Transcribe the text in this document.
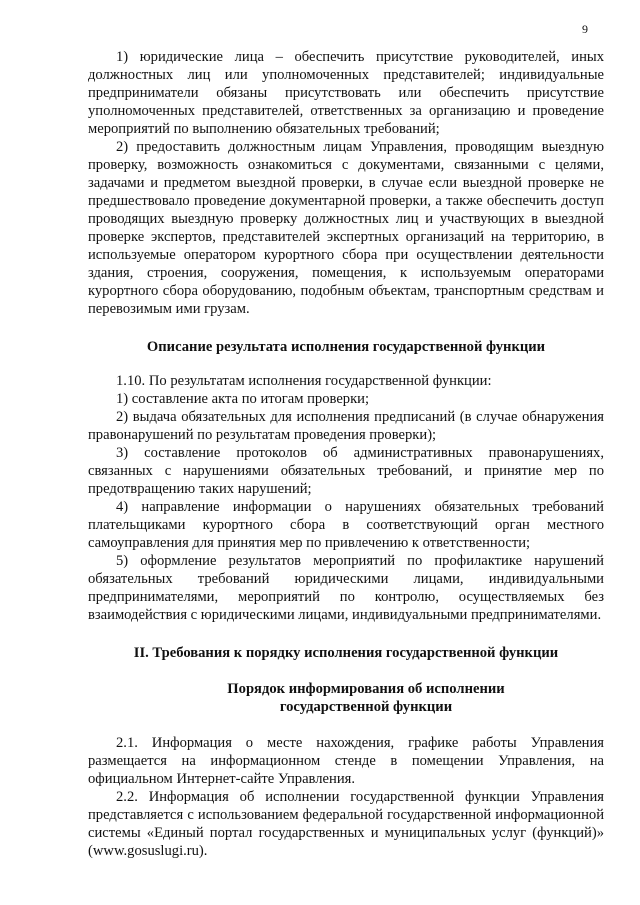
9

1) юридические лица – обеспечить присутствие руководителей, иных должностных лиц или уполномоченных представителей; индивидуальные предприниматели обязаны присутствовать или обеспечить присутствие уполномоченных представителей, ответственных за организацию и проведение мероприятий по выполнению обязательных требований;

2) предоставить должностным лицам Управления, проводящим выездную проверку, возможность ознакомиться с документами, связанными с целями, задачами и предметом выездной проверки, в случае если выездной проверке не предшествовало проведение документарной проверки, а также обеспечить доступ проводящих выездную проверку должностных лиц и участвующих в выездной проверке экспертов, представителей экспертных организаций на территорию, в используемые оператором курортного сбора при осуществлении деятельности здания, строения, сооружения, помещения, к используемым операторами курортного сбора оборудованию, подобным объектам, транспортным средствам и перевозимым ими грузам.

Описание результата исполнения государственной функции

1.10. По результатам исполнения государственной функции:

1) составление акта по итогам проверки;

2) выдача обязательных для исполнения предписаний (в случае обнаружения правонарушений по результатам проведения проверки);

3) составление протоколов об административных правонарушениях, связанных с нарушениями обязательных требований, и принятие мер по предотвращению таких нарушений;

4) направление информации о нарушениях обязательных требований плательщиками курортного сбора в соответствующий орган местного самоуправления для принятия мер по привлечению к ответственности;

5) оформление результатов мероприятий по профилактике нарушений обязательных требований юридическими лицами, индивидуальными предпринимателями, мероприятий по контролю, осуществляемых без взаимодействия с юридическими лицами, индивидуальными предпринимателями.

II. Требования к порядку исполнения государственной функции

Порядок информирования об исполнении
государственной функции

2.1. Информация о месте нахождения, графике работы Управления размещается на информационном стенде в помещении Управления, на официальном Интернет-сайте Управления.

2.2. Информация об исполнении государственной функции Управления представляется с использованием федеральной государственной информационной системы «Единый портал государственных и муниципальных услуг (функций)» (www.gosuslugi.ru).
